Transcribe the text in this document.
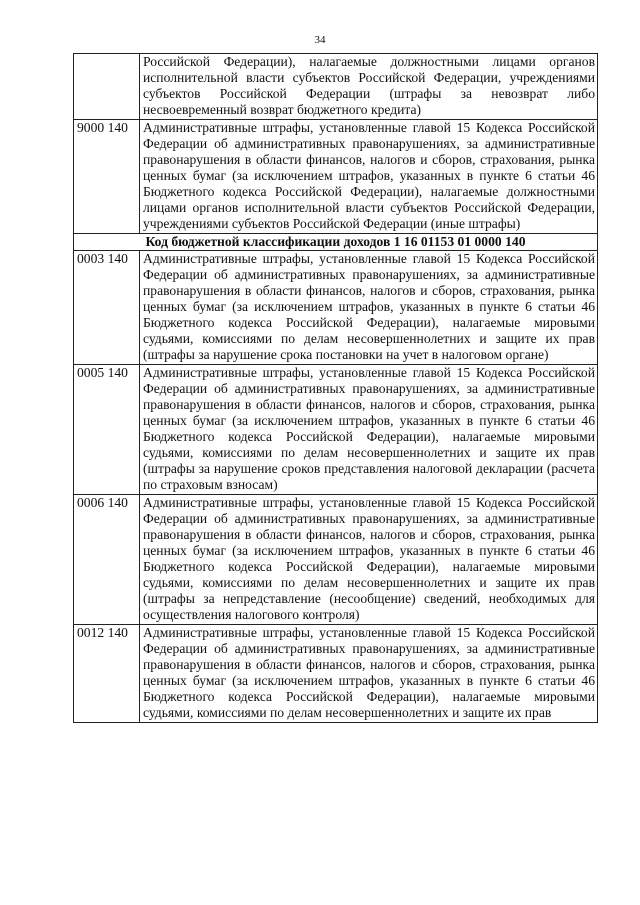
34
	Российской Федерации), налагаемые должностными лицами органов исполнительной власти субъектов Российской Федерации, учреждениями субъектов Российской Федерации (штрафы за невозврат либо несвоевременный возврат бюджетного кредита)
9000 140	Административные штрафы, установленные главой 15 Кодекса Российской Федерации об административных правонарушениях, за административные правонарушения в области финансов, налогов и сборов, страхования, рынка ценных бумаг (за исключением штрафов, указанных в пункте 6 статьи 46 Бюджетного кодекса Российской Федерации), налагаемые должностными лицами органов исполнительной власти субъектов Российской Федерации, учреждениями субъектов Российской Федерации (иные штрафы)
Код бюджетной классификации доходов 1 16 01153 01 0000 140	
0003 140	Административные штрафы, установленные главой 15 Кодекса Российской Федерации об административных правонарушениях, за административные правонарушения в области финансов, налогов и сборов, страхования, рынка ценных бумаг (за исключением штрафов, указанных в пункте 6 статьи 46 Бюджетного кодекса Российской Федерации), налагаемые мировыми судьями, комиссиями по делам несовершеннолетних и защите их прав (штрафы за нарушение срока постановки на учет в налоговом органе)
0005 140	Административные штрафы, установленные главой 15 Кодекса Российской Федерации об административных правонарушениях, за административные правонарушения в области финансов, налогов и сборов, страхования, рынка ценных бумаг (за исключением штрафов, указанных в пункте 6 статьи 46 Бюджетного кодекса Российской Федерации), налагаемые мировыми судьями, комиссиями по делам несовершеннолетних и защите их прав (штрафы за нарушение сроков представления налоговой декларации (расчета по страховым взносам)
0006 140	Административные штрафы, установленные главой 15 Кодекса Российской Федерации об административных правонарушениях, за административные правонарушения в области финансов, налогов и сборов, страхования, рынка ценных бумаг (за исключением штрафов, указанных в пункте 6 статьи 46 Бюджетного кодекса Российской Федерации), налагаемые мировыми судьями, комиссиями по делам несовершеннолетних и защите их прав (штрафы за непредставление (несообщение) сведений, необходимых для осуществления налогового контроля)
0012 140	Административные штрафы, установленные главой 15 Кодекса Российской Федерации об административных правонарушениях, за административные правонарушения в области финансов, налогов и сборов, страхования, рынка ценных бумаг (за исключением штрафов, указанных в пункте 6 статьи 46 Бюджетного кодекса Российской Федерации), налагаемые мировыми судьями, комиссиями по делам несовершеннолетних и защите их прав
